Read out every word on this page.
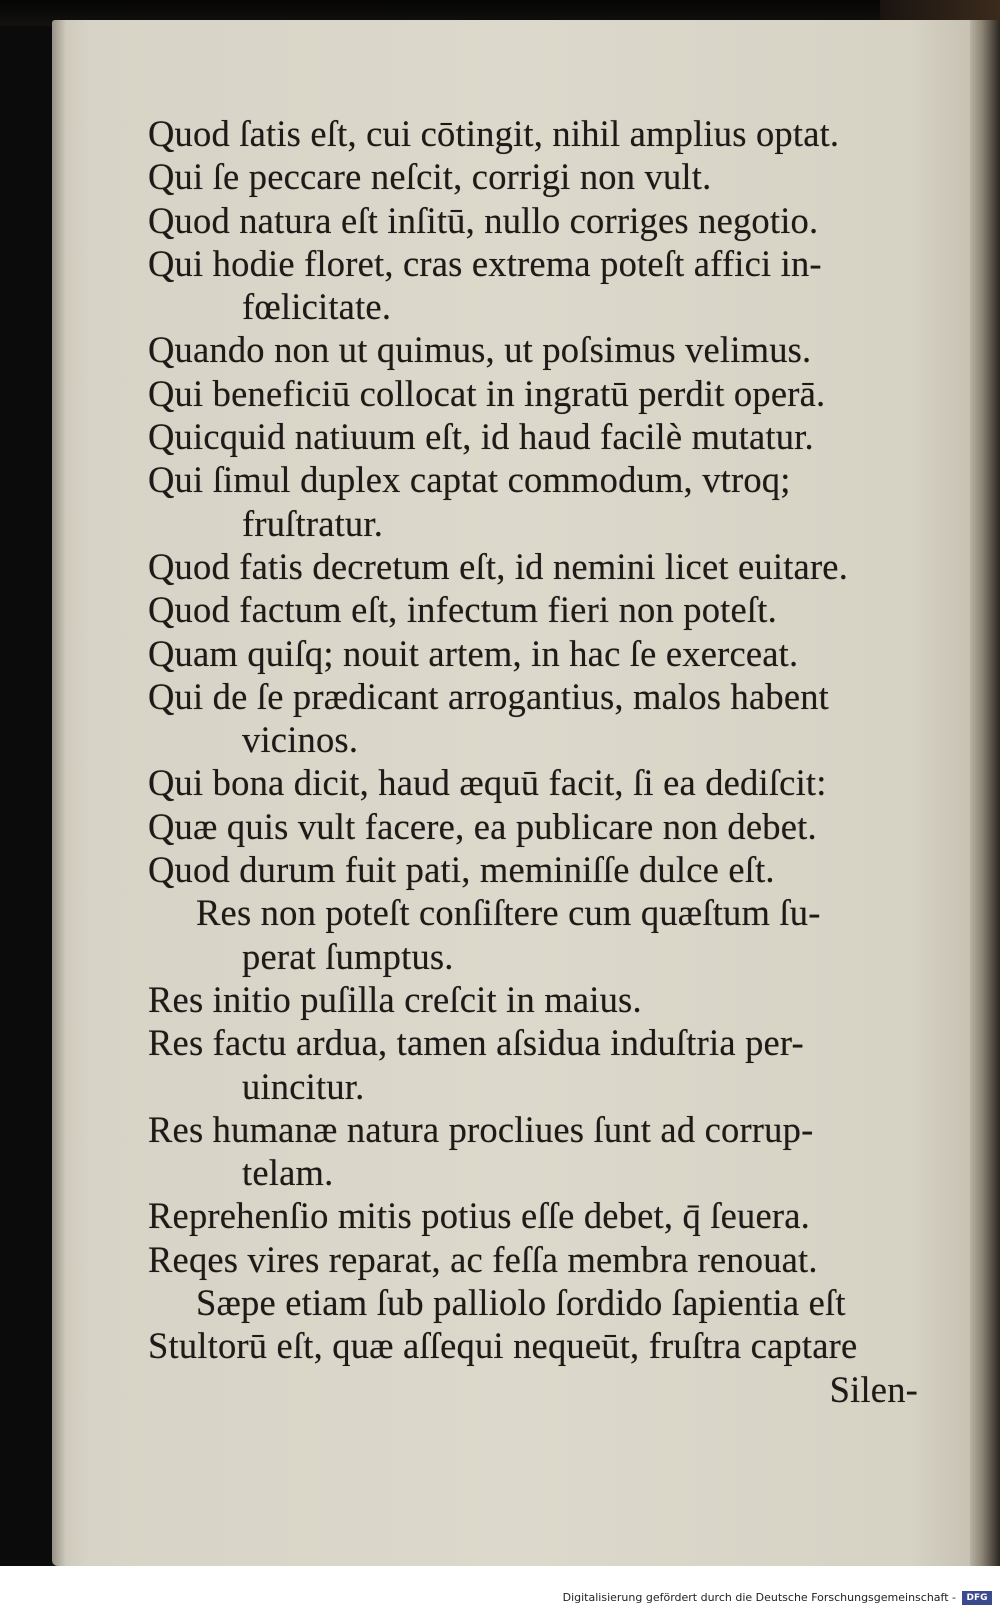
Quod ſatis eſt, cui cōtingit, nihil amplius optat.
Qui ſe peccare neſcit, corrigi non vult.
Quod natura eſt inſitū, nullo corriges negotio.
Qui hodie floret, cras extrema poteſt affici in-
fœlicitate.
Quando non ut quimus, ut poſsimus velimus.
Qui beneficiū collocat in ingratū perdit operā.
Quicquid natiuum eſt, id haud facilè mutatur.
Qui ſimul duplex captat commodum, vtroq;
fruſtratur.
Quod fatis decretum eſt, id nemini licet euitare.
Quod factum eſt, infectum fieri non poteſt.
Quam quiſq; nouit artem, in hac ſe exerceat.
Qui de ſe prædicant arrogantius, malos habent
vicinos.
Qui bona dicit, haud æquū facit, ſi ea dediſcit:
Quæ quis vult facere, ea publicare non debet.
Quod durum fuit pati, meminiſſe dulce eſt.
Res non poteſt conſiſtere cum quæſtum ſu-
perat ſumptus.
Res initio puſilla creſcit in maius.
Res factu ardua, tamen aſsidua induſtria per-
uincitur.
Res humanæ natura procliues ſunt ad corrup-
telam.
Reprehenſio mitis potius eſſe debet, q̄ ſeuera.
Reqes vires reparat, ac feſſa membra renouat.
Sæpe etiam ſub palliolo ſordido ſapientia eſt
Stultorū eſt, quæ aſſequi nequeūt, fruſtra captare
Silen-
Digitalisierung gefördert durch die Deutsche Forschungsgemeinschaft -	DFG
